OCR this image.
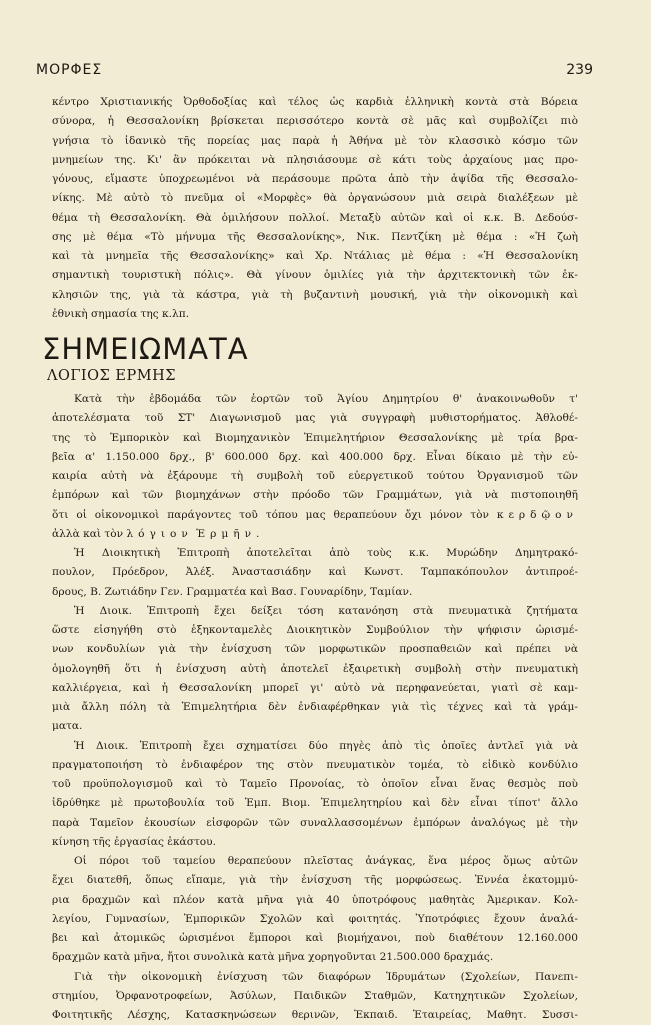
ΜΟΡΦΕΣ	239

κέντρο Χριστιανικής Ὀρθοδοξίας καὶ τέλος ὡς καρδιὰ ἑλληνικὴ κοντὰ στὰ Βόρεια
σύνορα, ἡ Θεσσαλονίκη βρίσκεται περισσότερο κοντὰ σὲ μᾶς καὶ συμβολίζει πιὸ
γνήσια τὸ ἰδανικὸ τῆς πορείας μας παρὰ ἡ Ἀθήνα μὲ τὸν κλασσικὸ κόσμο τῶν
μνημείων της. Κι' ἂν πρόκειται νὰ πλησιάσουμε σὲ κάτι τοὺς ἀρχαίους μας προ-
γόνους, εἴμαστε ὑποχρεωμένοι νὰ περάσουμε πρῶτα ἀπὸ τὴν ἁψίδα τῆς Θεσσαλο-
νίκης. Μὲ αὐτὸ τὸ πνεῦμα οἱ «Μορφὲς» θὰ ὀργανώσουν μιὰ σειρὰ διαλέξεων μὲ
θέμα τὴ Θεσσαλονίκη. Θὰ ὁμιλήσουν πολλοί. Μεταξὺ αὐτῶν καὶ οἱ κ.κ. Β. Δεδούσ-
σης μὲ θέμα «Τὸ μήνυμα τῆς Θεσσαλονίκης», Νικ. Πεντζίκη μὲ θέμα : «Ἡ ζωὴ
καὶ τὰ μνημεῖα τῆς Θεσσαλονίκης» καὶ Χρ. Ντάλιας μὲ θέμα : «Ἡ Θεσσαλονίκη
σημαντικὴ τουριστικὴ πόλις». Θὰ γίνουν ὁμιλίες γιὰ τὴν ἀρχιτεκτονικὴ τῶν ἐκ-
κλησιῶν της, γιὰ τὰ κάστρα, γιὰ τὴ βυζαντινὴ μουσική, γιὰ τὴν οἰκονομικὴ καὶ
ἐθνικὴ σημασία της κ.λπ.

ΣΗΜΕΙΩΜΑΤΑ
ΛΟΓΙΟΣ ΕΡΜΗΣ

Κατὰ τὴν ἑβδομάδα τῶν ἑορτῶν τοῦ Ἁγίου Δημητρίου θ' ἀνακοινωθοῦν τ'
ἀποτελέσματα τοῦ ΣΤ' Διαγωνισμοῦ μας γιὰ συγγραφὴ μυθιστορήματος. Ἀθλοθέ-
της τὸ Ἐμπορικὸν καὶ Βιομηχανικὸν Ἐπιμελητήριον Θεσσαλονίκης μὲ τρία βρα-
βεῖα α' 1.150.000 δρχ., β' 600.000 δρχ. καὶ 400.000 δρχ. Εἶναι δίκαιο μὲ τὴν εὐ-
καιρία αὐτὴ νὰ ἐξάρουμε τὴ συμβολὴ τοῦ εὐεργετικοῦ τούτου Ὀργανισμοῦ τῶν
ἐμπόρων καὶ τῶν βιομηχάνων στὴν πρόοδο τῶν Γραμμάτων, γιὰ νὰ πιστοποιηθῆ
ὅτι οἱ οἰκονομικοὶ παράγοντες τοῦ τόπου μας θεραπεύουν ὄχι μόνον τὸν κερδῷον
ἀλλὰ καὶ τὸν λόγιον Ἑρμῆν.

Ἡ Διοικητικὴ Ἐπιτροπὴ ἀποτελεῖται ἀπὸ τοὺς κ.κ. Μυρώδην Δημητρακό-
πουλον, Πρόεδρον, Ἀλέξ. Ἀναστασιάδην καὶ Κωνστ. Ταμπακόπουλον ἀντιπροέ-
δρους, Β. Ζωτιάδην Γεν. Γραμματέα καὶ Βασ. Γουναρίδην, Ταμίαν.

Ἡ Διοικ. Ἐπιτροπὴ ἔχει δείξει τόση κατανόηση στὰ πνευματικὰ ζητήματα
ὥστε εἰσηγήθη στὸ ἑξηκονταμελὲς Διοικητικὸν Συμβούλιον τὴν ψήφισιν ὡρισμέ-
νων κονδυλίων γιὰ τὴν ἐνίσχυση τῶν μορφωτικῶν προσπαθειῶν καὶ πρέπει νὰ
ὁμολογηθῆ ὅτι ἡ ἐνίσχυση αὐτὴ ἀποτελεῖ ἐξαιρετικὴ συμβολὴ στὴν πνευματικὴ
καλλιέργεια, καὶ ἡ Θεσσαλονίκη μπορεῖ γι' αὐτὸ νὰ περηφανεύεται, γιατὶ σὲ καμ-
μιὰ ἄλλη πόλη τὰ Ἐπιμελητήρια δὲν ἐνδιαφέρθηκαν γιὰ τὶς τέχνες καὶ τὰ γράμ-
ματα.

Ἡ Διοικ. Ἐπιτροπὴ ἔχει σχηματίσει δύο πηγὲς ἀπὸ τὶς ὁποῖες ἀντλεῖ γιὰ νὰ
πραγματοποιήση τὸ ἐνδιαφέρον της στὸν πνευματικὸν τομέα, τὸ εἰδικὸ κονδύλιο
τοῦ προϋπολογισμοῦ καὶ τὸ Ταμεῖο Προνοίας, τὸ ὁποῖον εἶναι ἕνας θεσμὸς ποὺ
ἱδρύθηκε μὲ πρωτοβουλία τοῦ Ἐμπ. Βιομ. Ἐπιμελητηρίου καὶ δὲν εἶναι τίποτ' ἄλλο
παρὰ Ταμεῖον ἐκουσίων εἰσφορῶν τῶν συναλλασσομένων ἐμπόρων ἀναλόγως μὲ τὴν
κίνηση τῆς ἐργασίας ἑκάστου.

Οἱ πόροι τοῦ ταμείου θεραπεύουν πλεῖστας ἀνάγκας, ἕνα μέρος ὅμως αὐτῶν
ἔχει διατεθῆ, ὅπως εἴπαμε, γιὰ τὴν ἐνίσχυση τῆς μορφώσεως. Ἐννέα ἑκατομμύ-
ρια δραχμῶν καὶ πλέον κατὰ μῆνα γιὰ 40 ὑποτρόφους μαθητὰς Ἀμερικαν. Κολ-
λεγίου, Γυμνασίων, Ἐμπορικῶν Σχολῶν καὶ φοιτητάς. Ὑποτρόφιες ἔχουν ἀναλά-
βει καὶ ἀτομικῶς ὡρισμένοι ἔμποροι καὶ βιομήχανοι, ποὺ διαθέτουν 12.160.000
δραχμῶν κατὰ μῆνα, ἤτοι συνολικὰ κατὰ μῆνα χορηγοῦνται 21.500.000 δραχμάς.

Γιὰ τὴν οἰκονομικὴ ἐνίσχυση τῶν διαφόρων Ἱδρυμάτων (Σχολείων, Πανεπι-
στημίου, Ὀρφανοτροφείων, Ἀσύλων, Παιδικῶν Σταθμῶν, Κατηχητικῶν Σχολείων,
Φοιτητικῆς Λέσχης, Κατασκηνώσεων θερινῶν, Ἐκπαιδ. Ἑταιρείας, Μαθητ. Συσσι-
